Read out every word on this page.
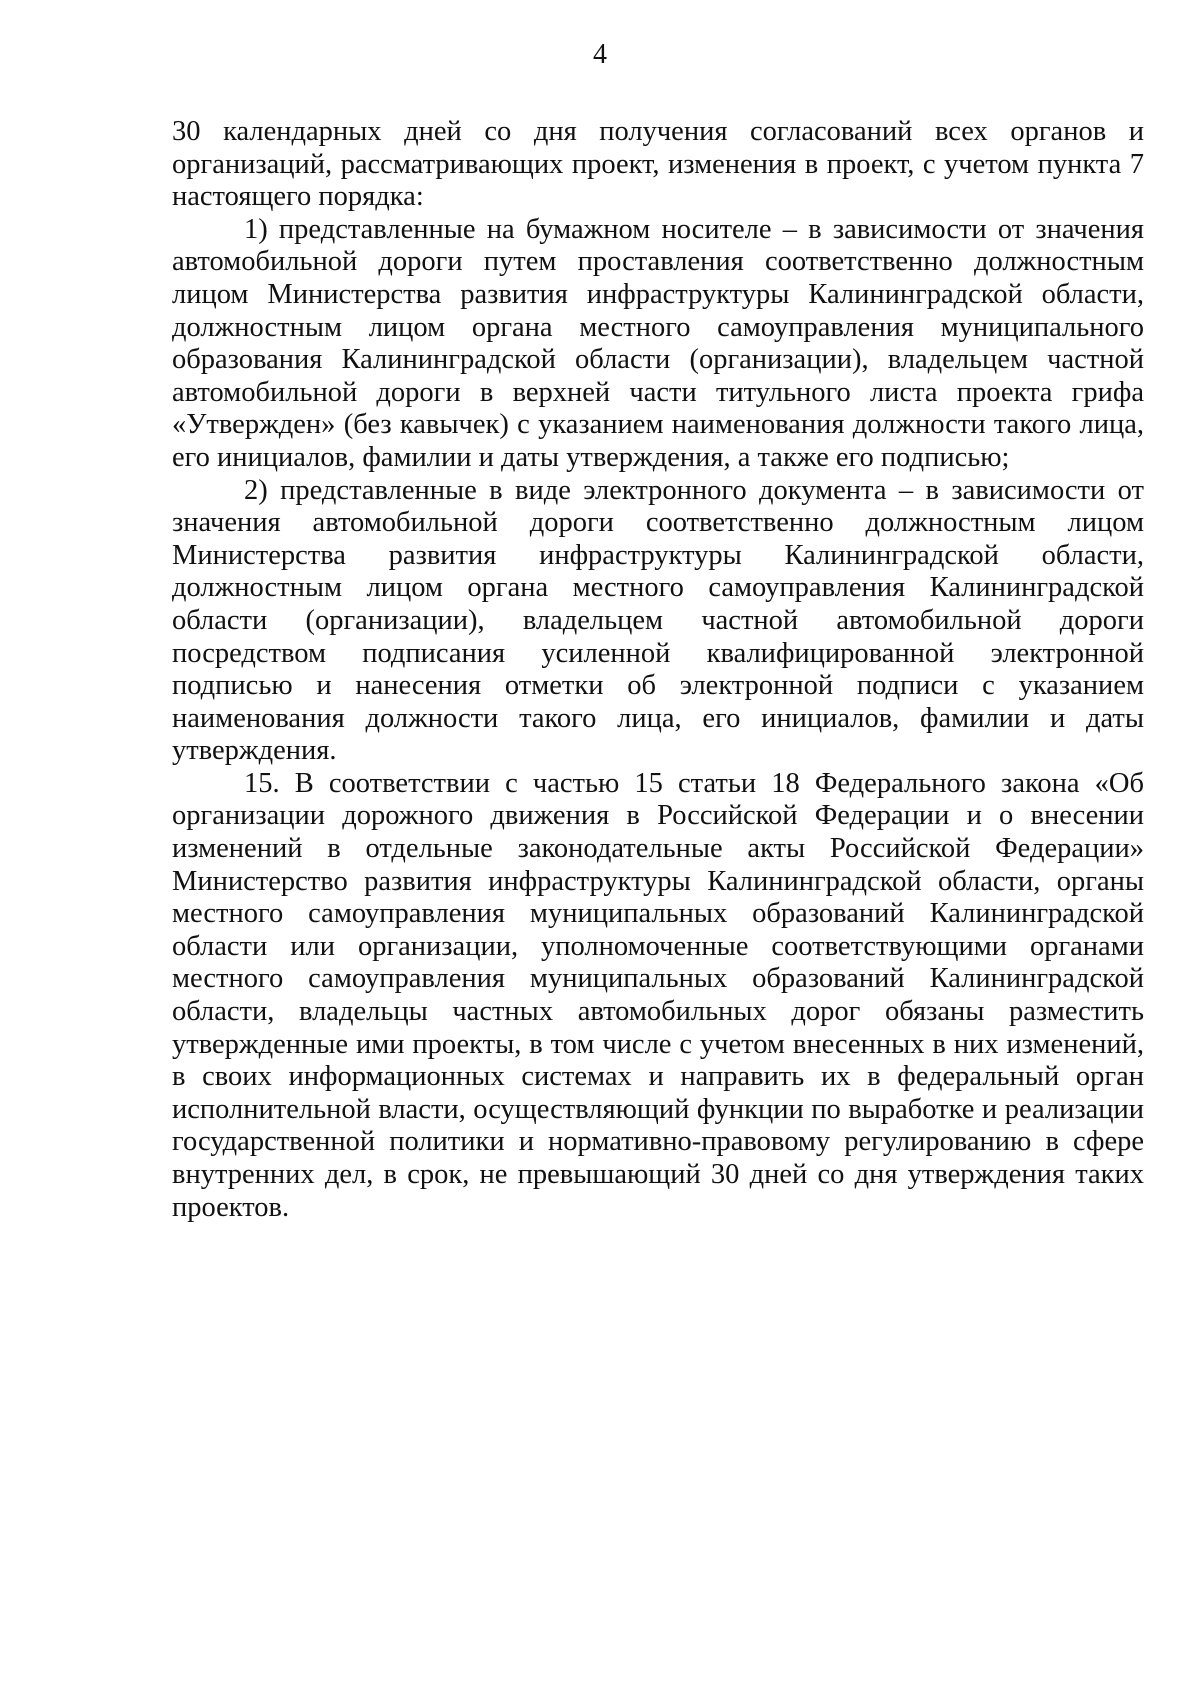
4

30 календарных дней со дня получения согласований всех органов и организаций, рассматривающих проект, изменения в проект, с учетом пункта 7 настоящего порядка:

1) представленные на бумажном носителе – в зависимости от значения автомобильной дороги путем проставления соответственно должностным лицом Министерства развития инфраструктуры Калининградской области, должностным лицом органа местного самоуправления муниципального образования Калининградской области (организации), владельцем частной автомобильной дороги в верхней части титульного листа проекта грифа «Утвержден» (без кавычек) с указанием наименования должности такого лица, его инициалов, фамилии и даты утверждения, а также его подписью;

2) представленные в виде электронного документа – в зависимости от значения автомобильной дороги соответственно должностным лицом Министерства развития инфраструктуры Калининградской области, должностным лицом органа местного самоуправления Калининградской области (организации), владельцем частной автомобильной дороги посредством подписания усиленной квалифицированной электронной подписью и нанесения отметки об электронной подписи с указанием наименования должности такого лица, его инициалов, фамилии и даты утверждения.

15. В соответствии с частью 15 статьи 18 Федерального закона «Об организации дорожного движения в Российской Федерации и о внесении изменений в отдельные законодательные акты Российской Федерации» Министерство развития инфраструктуры Калининградской области, органы местного самоуправления муниципальных образований Калининградской области или организации, уполномоченные соответствующими органами местного самоуправления муниципальных образований Калининградской области, владельцы частных автомобильных дорог обязаны разместить утвержденные ими проекты, в том числе с учетом внесенных в них изменений, в своих информационных системах и направить их в федеральный орган исполнительной власти, осуществляющий функции по выработке и реализации государственной политики и нормативно-правовому регулированию в сфере внутренних дел, в срок, не превышающий 30 дней со дня утверждения таких проектов.
